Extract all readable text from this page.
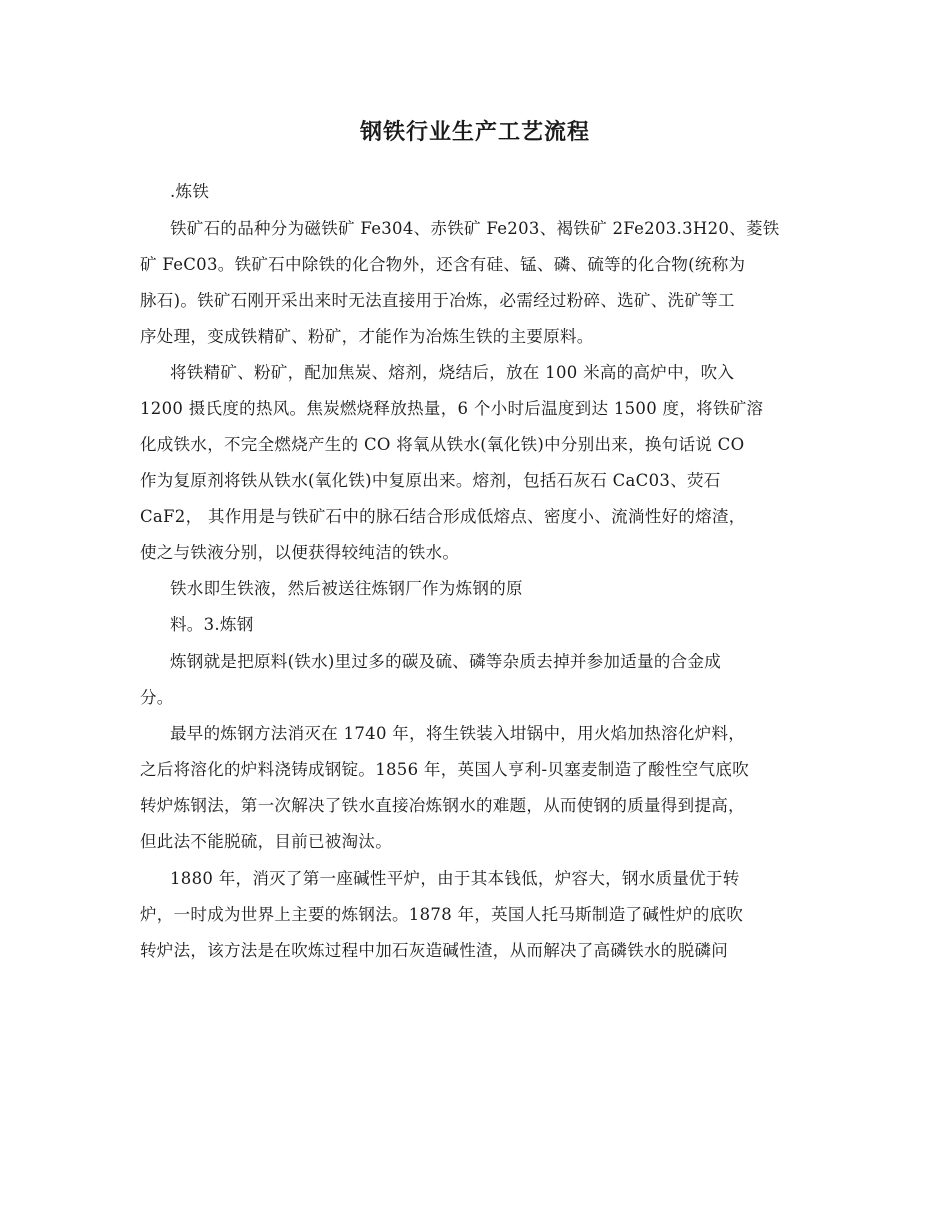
钢铁行业生产工艺流程
.炼铁
铁矿石的品种分为磁铁矿 Fe304、赤铁矿 Fe203、褐铁矿 2Fe203.3H20、菱铁
矿 FeC03。铁矿石中除铁的化合物外，还含有硅、锰、磷、硫等的化合物(统称为
脉石)。铁矿石刚开采出来时无法直接用于冶炼，必需经过粉碎、选矿、洗矿等工
序处理，变成铁精矿、粉矿，才能作为冶炼生铁的主要原料。
将铁精矿、粉矿，配加焦炭、熔剂，烧结后，放在 100 米高的高炉中，吹入
1200 摄氏度的热风。焦炭燃烧释放热量，6 个小时后温度到达 1500 度，将铁矿溶
化成铁水，不完全燃烧产生的 CO 将氧从铁水(氧化铁)中分别出来，换句话说 CO
作为复原剂将铁从铁水(氧化铁)中复原出来。熔剂，包括石灰石 CaC03、荧石
CaF2， 其作用是与铁矿石中的脉石结合形成低熔点、密度小、流淌性好的熔渣，
使之与铁液分别，以便获得较纯洁的铁水。
铁水即生铁液，然后被送往炼钢厂作为炼钢的原
料。3.炼钢
炼钢就是把原料(铁水)里过多的碳及硫、磷等杂质去掉并参加适量的合金成
分。
最早的炼钢方法消灭在 1740 年，将生铁装入坩锅中，用火焰加热溶化炉料，
之后将溶化的炉料浇铸成钢锭。1856 年，英国人亨利-贝塞麦制造了酸性空气底吹
转炉炼钢法，第一次解决了铁水直接冶炼钢水的难题，从而使钢的质量得到提高，
但此法不能脱硫，目前已被淘汰。
1880 年，消灭了第一座碱性平炉，由于其本钱低，炉容大，钢水质量优于转
炉，一时成为世界上主要的炼钢法。1878 年，英国人托马斯制造了碱性炉的底吹
转炉法，该方法是在吹炼过程中加石灰造碱性渣，从而解决了高磷铁水的脱磷问
